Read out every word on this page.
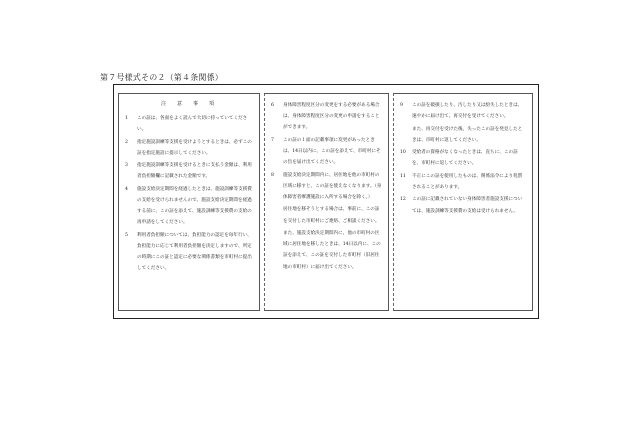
第７号様式その２（第４条関係）
注　意　事　項
1	この証は、各面をよく読んで大切に持っていてください。
2	指定施設訓練等支援を受けようとするときは、必ずこの証を指定施設に提示してください。
3	指定施設訓練等支援を受けるときに支払う金額は、利用者負担額欄に記載された金額です。
4	施設支給決定期間を経過したときは、施設訓練等支援費の支給を受けられませんので、施設支給決定期間を経過する前に、この証を添えて、施設訓練等支援費の支給の再申請をしてください。
5	利用者負担額については、負担能力の認定を毎年行い、負担能力に応じて利用者負担額を決定しますので、所定の時期にこの証と認定に必要な関係書類を市町村に提出してください。
6	身体障害程度区分の変更をする必要がある場合は、身体障害程度区分の変更の申請をすることができます。
7	この証の１面の記載事項に変更があったときは、14日以内に、この証を添えて、市町村にその旨を届け出てください。
8	施設支給決定期間内に、居住地を他の市町村の区域に移すと、この証を使えなくなります。（身体障害者療護施設に入所する場合を除く。）
居住地を移そうとする場合は、事前に、この証を交付した市町村にご連絡、ご相談ください。
また、施設支給決定期間内に、他の市町村の区域に居住地を移したときは、14日以内に、この証を添えて、この証を交付した市町村（旧居住地の市町村）に届け出てください。
9	この証を破損したり、汚したり又は紛失したときは、速やかに届け出て、再交付を受けてください。
また、再交付を受けた後、失ったこの証を発見したときは、市町村に返してください。
10	受給者の資格がなくなったときは、直ちに、この証を、市町村に返してください。
11	不正にこの証を使用したものは、関係法令により処罰されることがあります。
12	この証に記載されていない身体障害者施設支援については、施設訓練等支援費の支給は受けられません。
